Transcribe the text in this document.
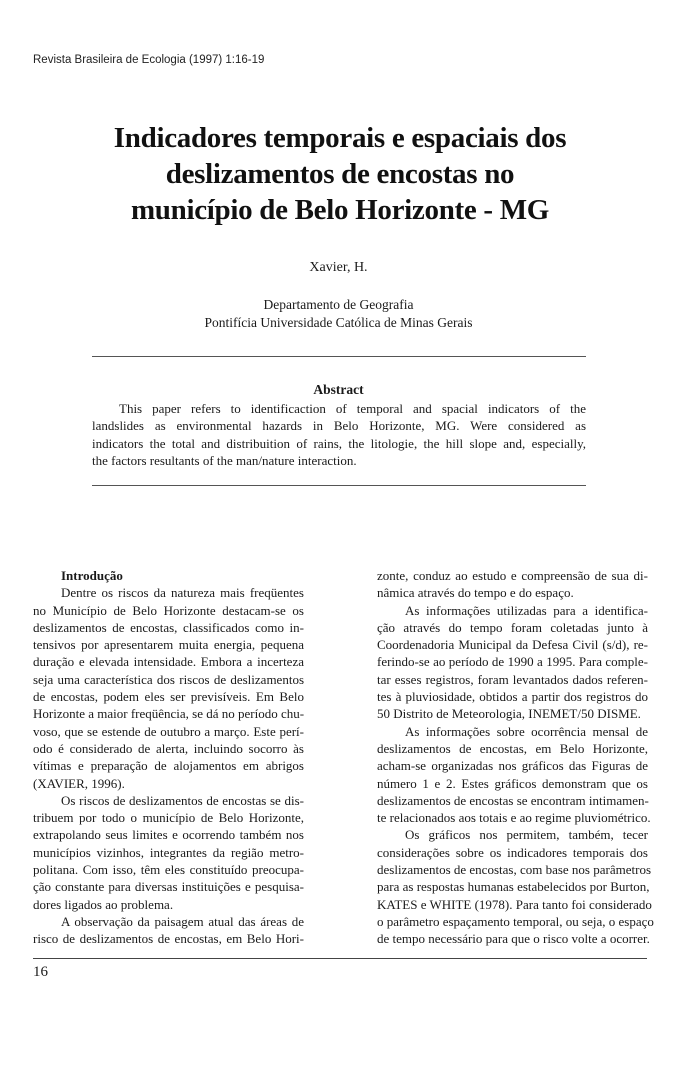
Revista Brasileira de Ecologia (1997) 1:16-19
Indicadores temporais e espaciais dos
deslizamentos de encostas no
município de Belo Horizonte - MG
Xavier, H.
Departamento de Geografia
Pontifícia Universidade Católica de Minas Gerais
Abstract
This paper refers to identificaction of temporal and spacial indicators of the
landslides as environmental hazards in Belo Horizonte, MG. Were considered as
indicators the total and distribuition of rains, the litologie, the hill slope and, especially,
the factors resultants of the man/nature interaction.
Introdução
Dentre os riscos da natureza mais freqüentes
no Município de Belo Horizonte destacam-se os
deslizamentos de encostas, classificados como in-
tensivos por apresentarem muita energia, pequena
duração e elevada intensidade. Embora a incerteza
seja uma característica dos riscos de deslizamentos
de encostas, podem eles ser previsíveis. Em Belo
Horizonte a maior freqüência, se dá no período chu-
voso, que se estende de outubro a março. Este perí-
odo é considerado de alerta, incluindo socorro às
vítimas e preparação de alojamentos em abrigos
(XAVIER, 1996).
Os riscos de deslizamentos de encostas se dis-
tribuem por todo o município de Belo Horizonte,
extrapolando seus limites e ocorrendo também nos
municípios vizinhos, integrantes da região metro-
politana. Com isso, têm eles constituído preocupa-
ção constante para diversas instituições e pesquisa-
dores ligados ao problema.
A observação da paisagem atual das áreas de
risco de deslizamentos de encostas, em Belo Hori-
zonte, conduz ao estudo e compreensão de sua di-
nâmica através do tempo e do espaço.
As informações utilizadas para a identifica-
ção através do tempo foram coletadas junto à
Coordenadoria Municipal da Defesa Civil (s/d), re-
ferindo-se ao período de 1990 a 1995. Para comple-
tar esses registros, foram levantados dados referen-
tes à pluviosidade, obtidos a partir dos registros do
50 Distrito de Meteorologia, INEMET/50 DISME.
As informações sobre ocorrência mensal de
deslizamentos de encostas, em Belo Horizonte,
acham-se organizadas nos gráficos das Figuras de
número 1 e 2. Estes gráficos demonstram que os
deslizamentos de encostas se encontram intimamen-
te relacionados aos totais e ao regime pluviométrico.
Os gráficos nos permitem, também, tecer
considerações sobre os indicadores temporais dos
deslizamentos de encostas, com base nos parâmetros
para as respostas humanas estabelecidos por Burton,
KATES e WHITE (1978). Para tanto foi considerado
o parâmetro espaçamento temporal, ou seja, o espaço
de tempo necessário para que o risco volte a ocorrer.
16
